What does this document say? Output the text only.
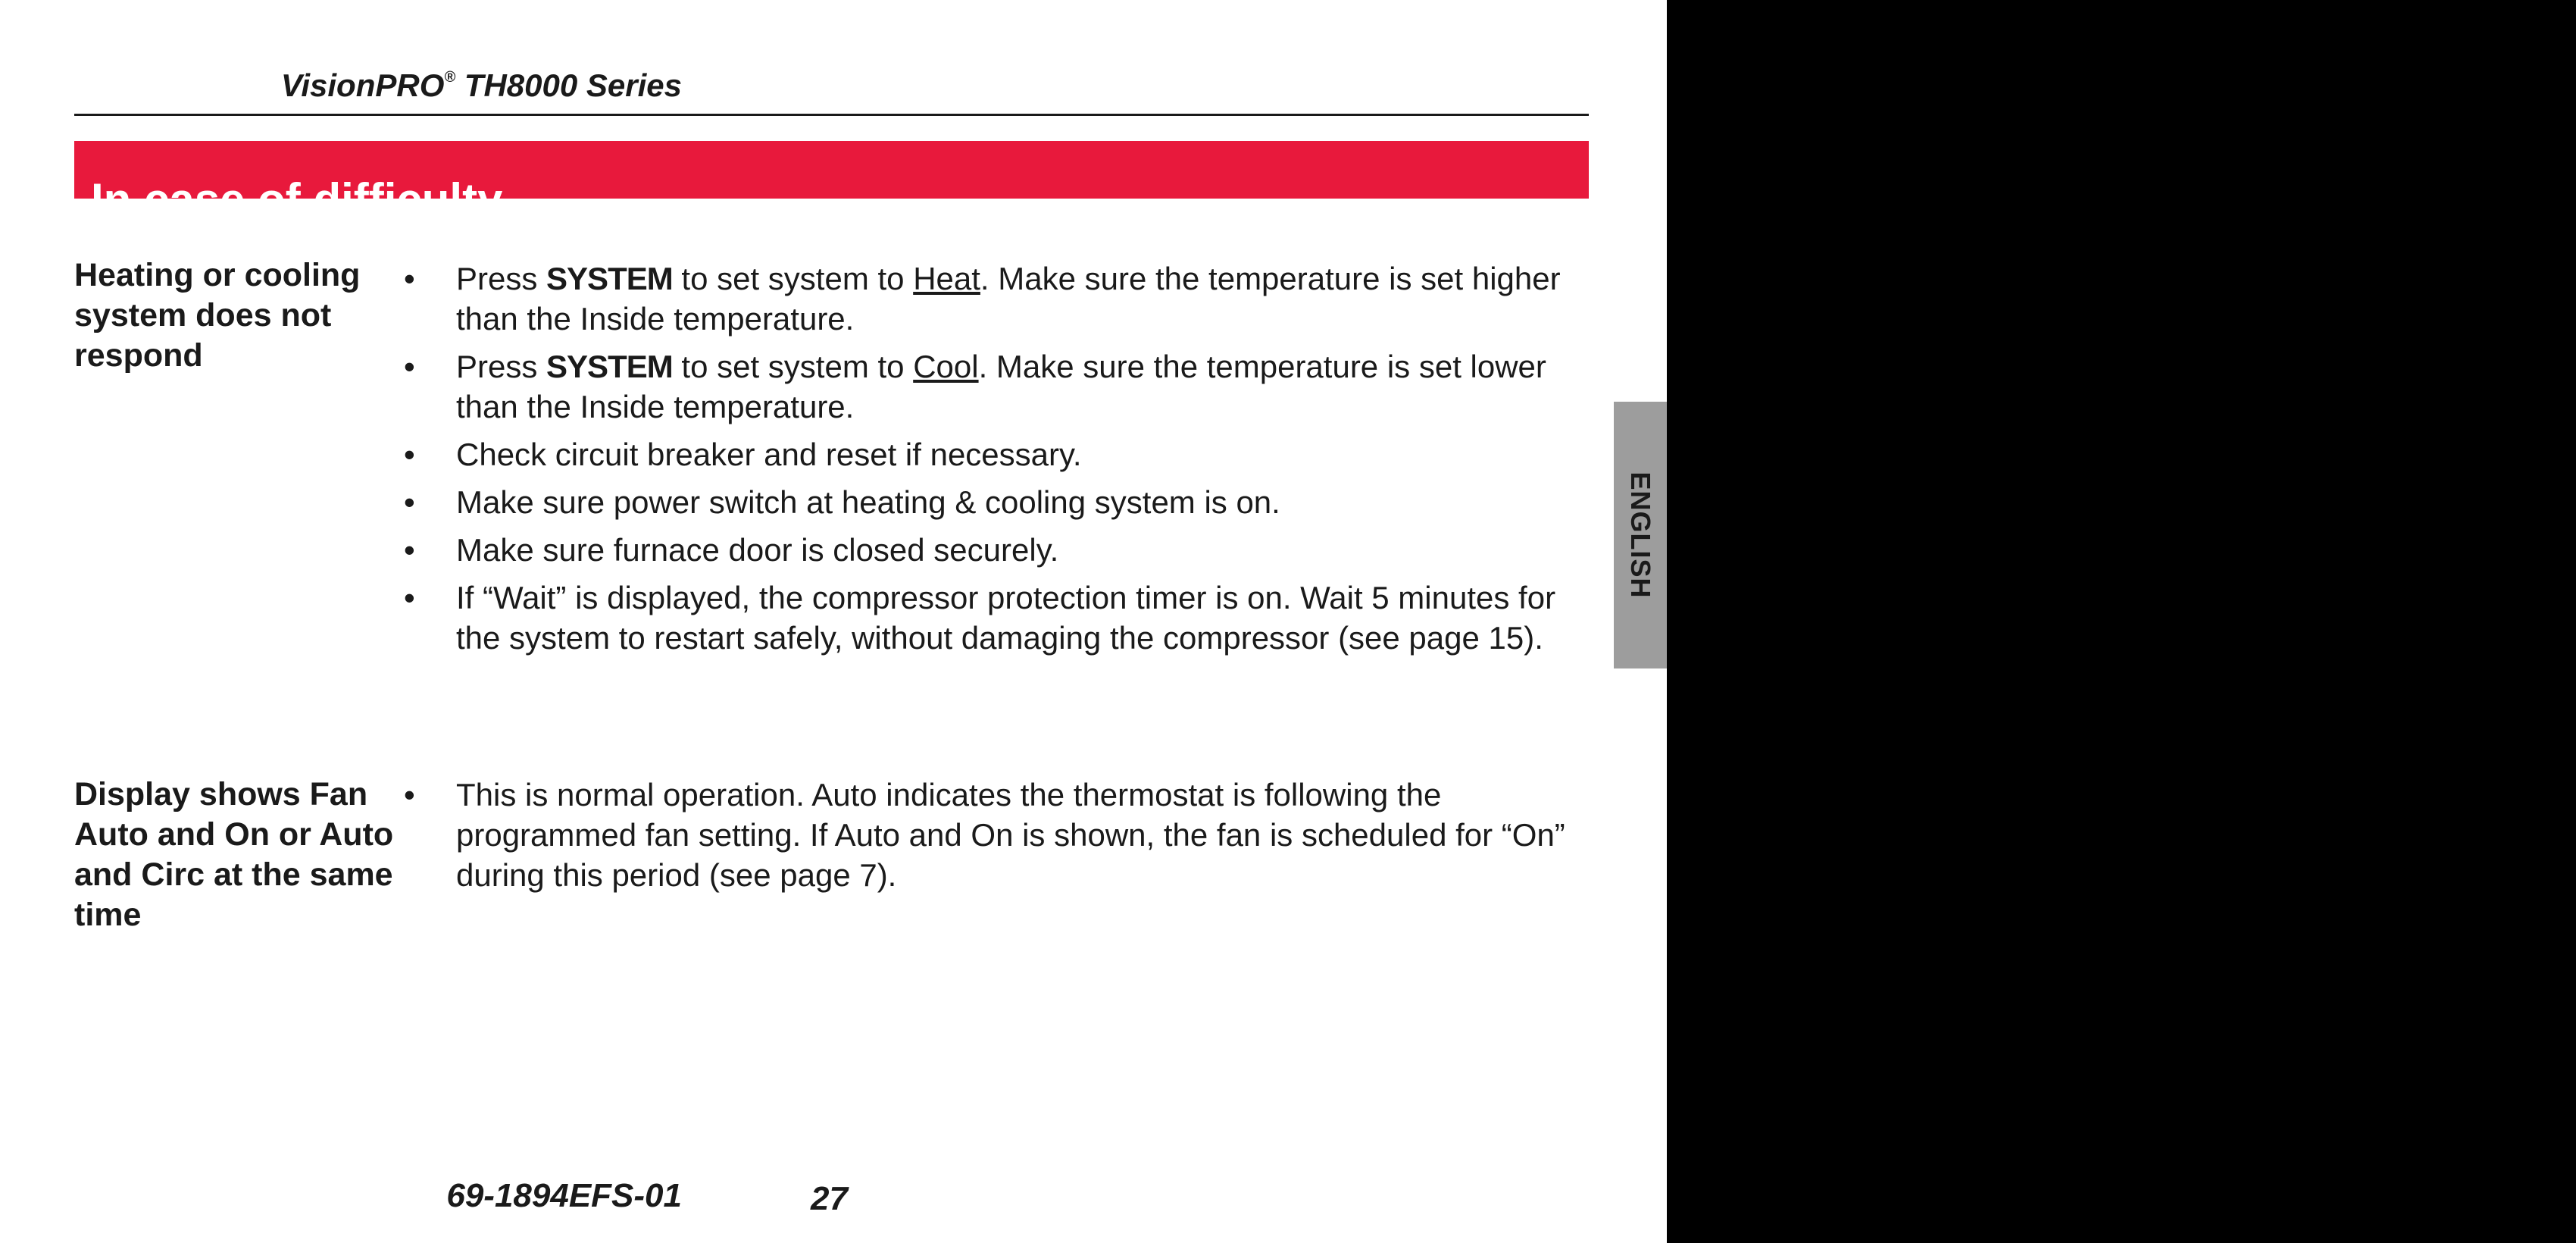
VisionPRO® TH8000 Series
In case of difficulty

Heating or cooling system does not respond

• Press SYSTEM to set system to Heat. Make sure the temperature is set higher than the Inside temperature.
• Press SYSTEM to set system to Cool. Make sure the temperature is set lower than the Inside temperature.
• Check circuit breaker and reset if necessary.
• Make sure power switch at heating & cooling system is on.
• Make sure furnace door is closed securely.
• If “Wait” is displayed, the compressor protection timer is on. Wait 5 minutes for the system to restart safely, without damaging the compressor (see page 15).

Display shows Fan Auto and On or Auto and Circ at the same time

• This is normal operation. Auto indicates the thermostat is following the programmed fan setting. If Auto and On is shown, the fan is scheduled for “On” during this period (see page 7).
27
69-1894EFS-01
ENGLISH
